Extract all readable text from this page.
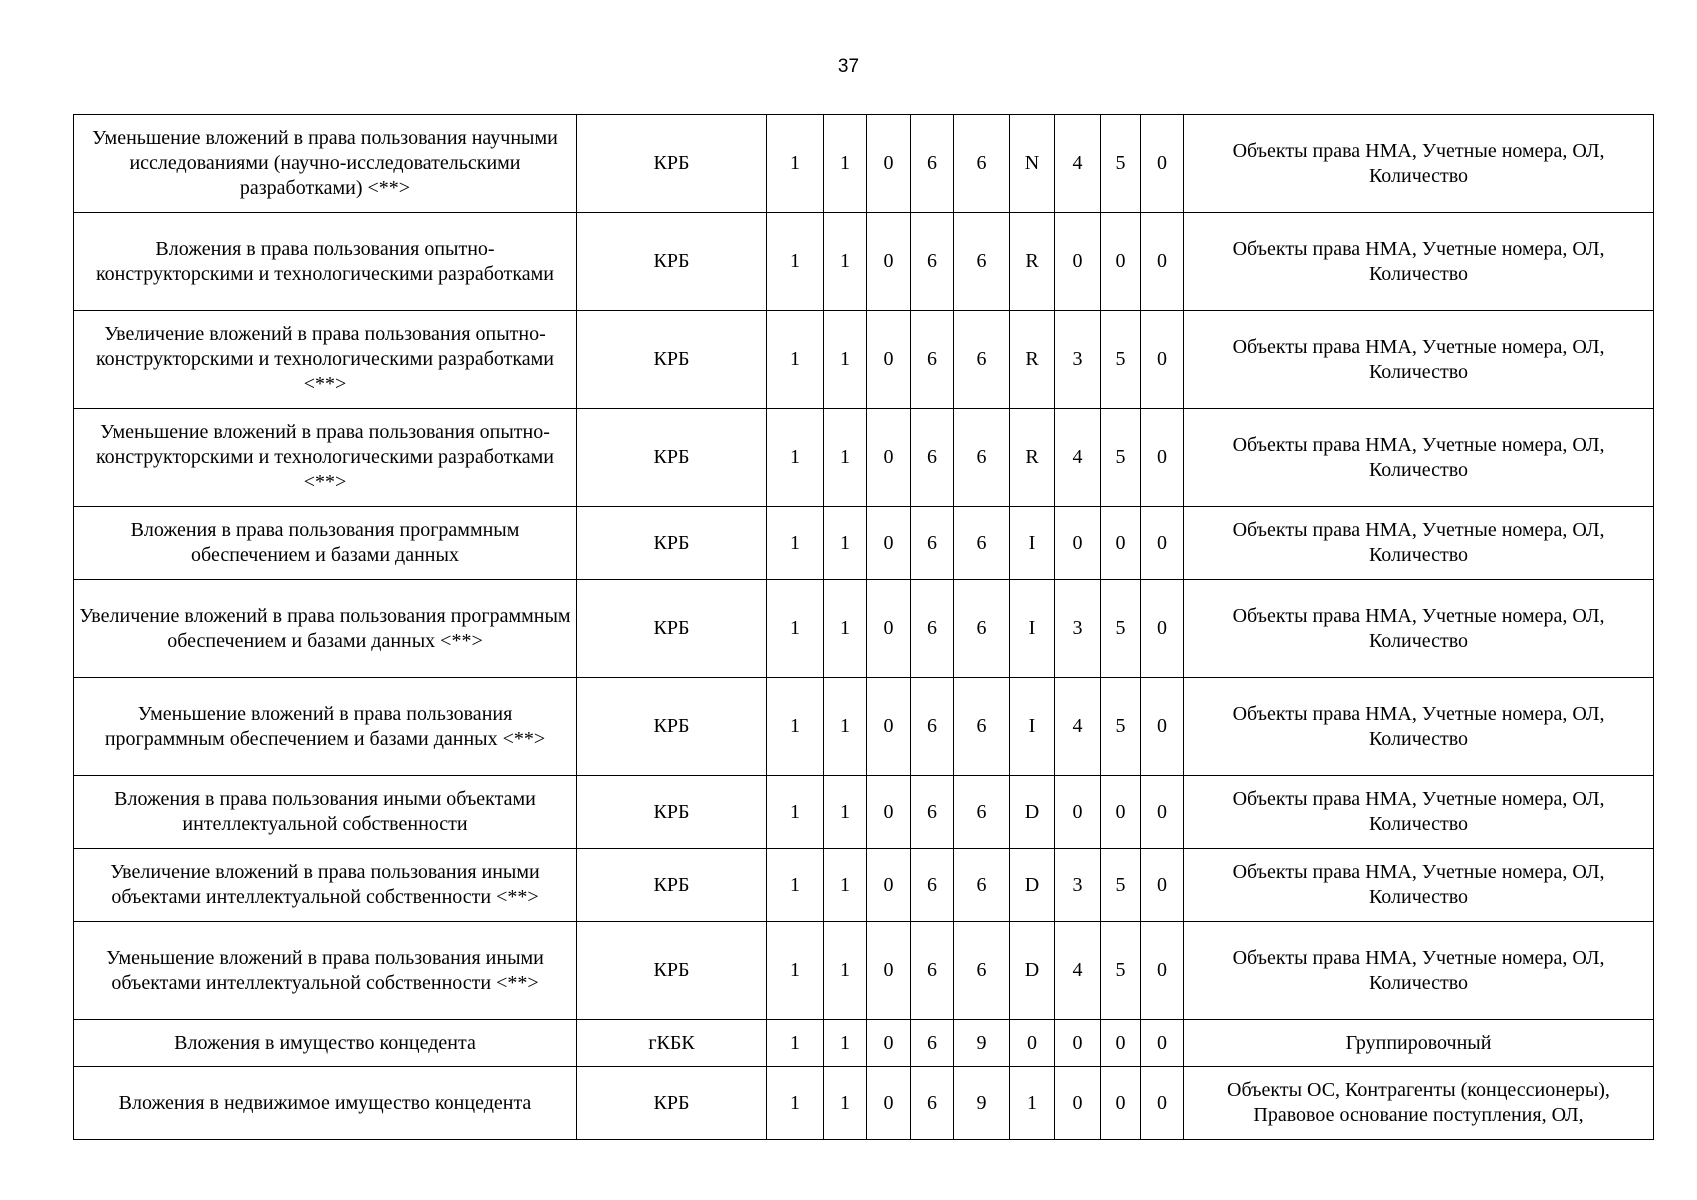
37
Уменьшение вложений в права пользования научными исследованиями (научно-исследовательскими разработками) <**>	КРБ	1	1	0	6	6	N	4	5	0	Объекты права НМА, Учетные номера, ОЛ, Количество
Вложения в права пользования опытно-конструкторскими и технологическими разработками	КРБ	1	1	0	6	6	R	0	0	0	Объекты права НМА, Учетные номера, ОЛ, Количество
Увеличение вложений в права пользования опытно-конструкторскими и технологическими разработками <**>	КРБ	1	1	0	6	6	R	3	5	0	Объекты права НМА, Учетные номера, ОЛ, Количество
Уменьшение вложений в права пользования опытно-конструкторскими и технологическими разработками <**>	КРБ	1	1	0	6	6	R	4	5	0	Объекты права НМА, Учетные номера, ОЛ, Количество
Вложения в права пользования программным обеспечением и базами данных	КРБ	1	1	0	6	6	I	0	0	0	Объекты права НМА, Учетные номера, ОЛ, Количество
Увеличение вложений в права пользования программным обеспечением и базами данных <**>	КРБ	1	1	0	6	6	I	3	5	0	Объекты права НМА, Учетные номера, ОЛ, Количество
Уменьшение вложений в права пользования программным обеспечением и базами данных <**>	КРБ	1	1	0	6	6	I	4	5	0	Объекты права НМА, Учетные номера, ОЛ, Количество
Вложения в права пользования иными объектами интеллектуальной собственности	КРБ	1	1	0	6	6	D	0	0	0	Объекты права НМА, Учетные номера, ОЛ, Количество
Увеличение вложений в права пользования иными объектами интеллектуальной собственности <**>	КРБ	1	1	0	6	6	D	3	5	0	Объекты права НМА, Учетные номера, ОЛ, Количество
Уменьшение вложений в права пользования иными объектами интеллектуальной собственности <**>	КРБ	1	1	0	6	6	D	4	5	0	Объекты права НМА, Учетные номера, ОЛ, Количество
Вложения в имущество концедента	гКБК	1	1	0	6	9	0	0	0	0	Группировочный
Вложения в недвижимое имущество концедента	КРБ	1	1	0	6	9	1	0	0	0	Объекты ОС, Контрагенты (концессионеры), Правовое основание поступления, ОЛ,
